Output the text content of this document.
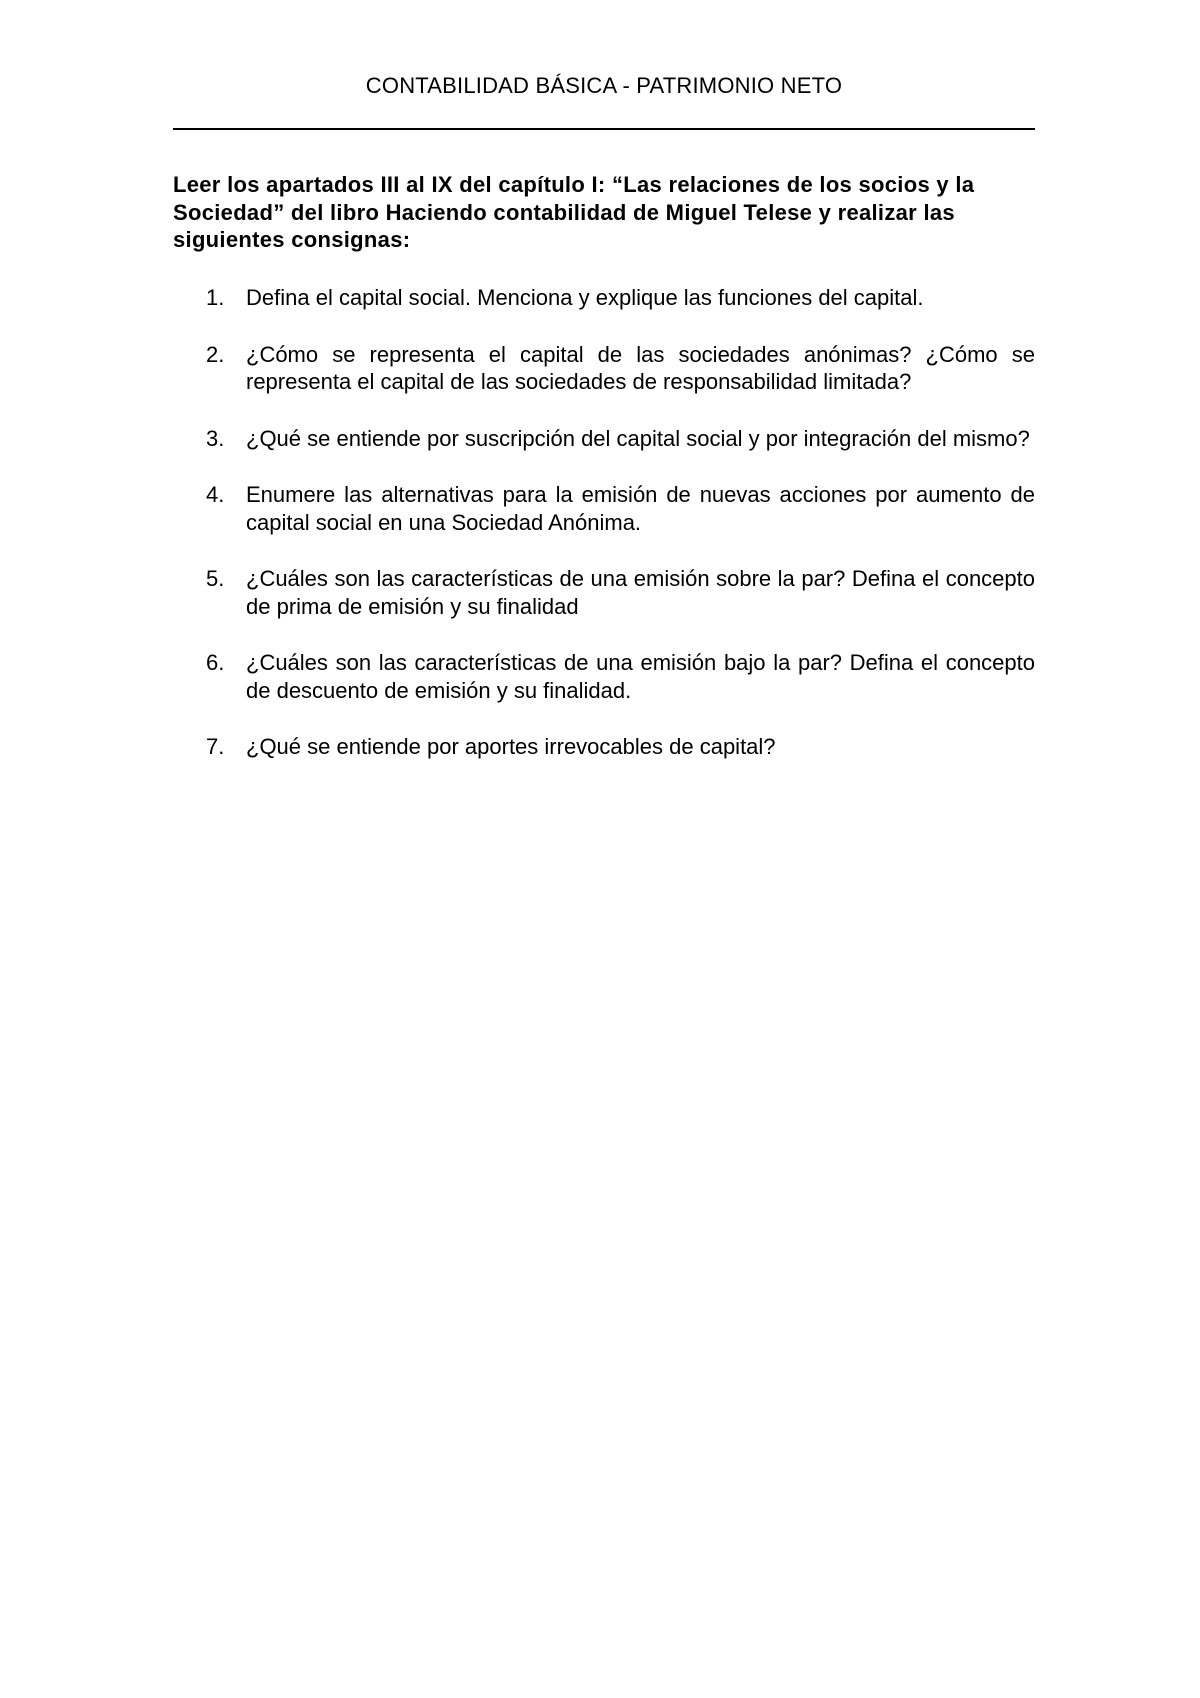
CONTABILIDAD BÁSICA - PATRIMONIO NETO

Leer los apartados III al IX del capítulo I: “Las relaciones de los socios y la Sociedad” del libro Haciendo contabilidad de Miguel Telese y realizar las siguientes consignas:

1. Defina el capital social. Menciona y explique las funciones del capital.
2. ¿Cómo se representa el capital de las sociedades anónimas? ¿Cómo se representa el capital de las sociedades de responsabilidad limitada?
3. ¿Qué se entiende por suscripción del capital social y por integración del mismo?
4. Enumere las alternativas para la emisión de nuevas acciones por aumento de capital social en una Sociedad Anónima.
5. ¿Cuáles son las características de una emisión sobre la par? Defina el concepto de prima de emisión y su finalidad
6. ¿Cuáles son las características de una emisión bajo la par? Defina el concepto de descuento de emisión y su finalidad.
7. ¿Qué se entiende por aportes irrevocables de capital?
